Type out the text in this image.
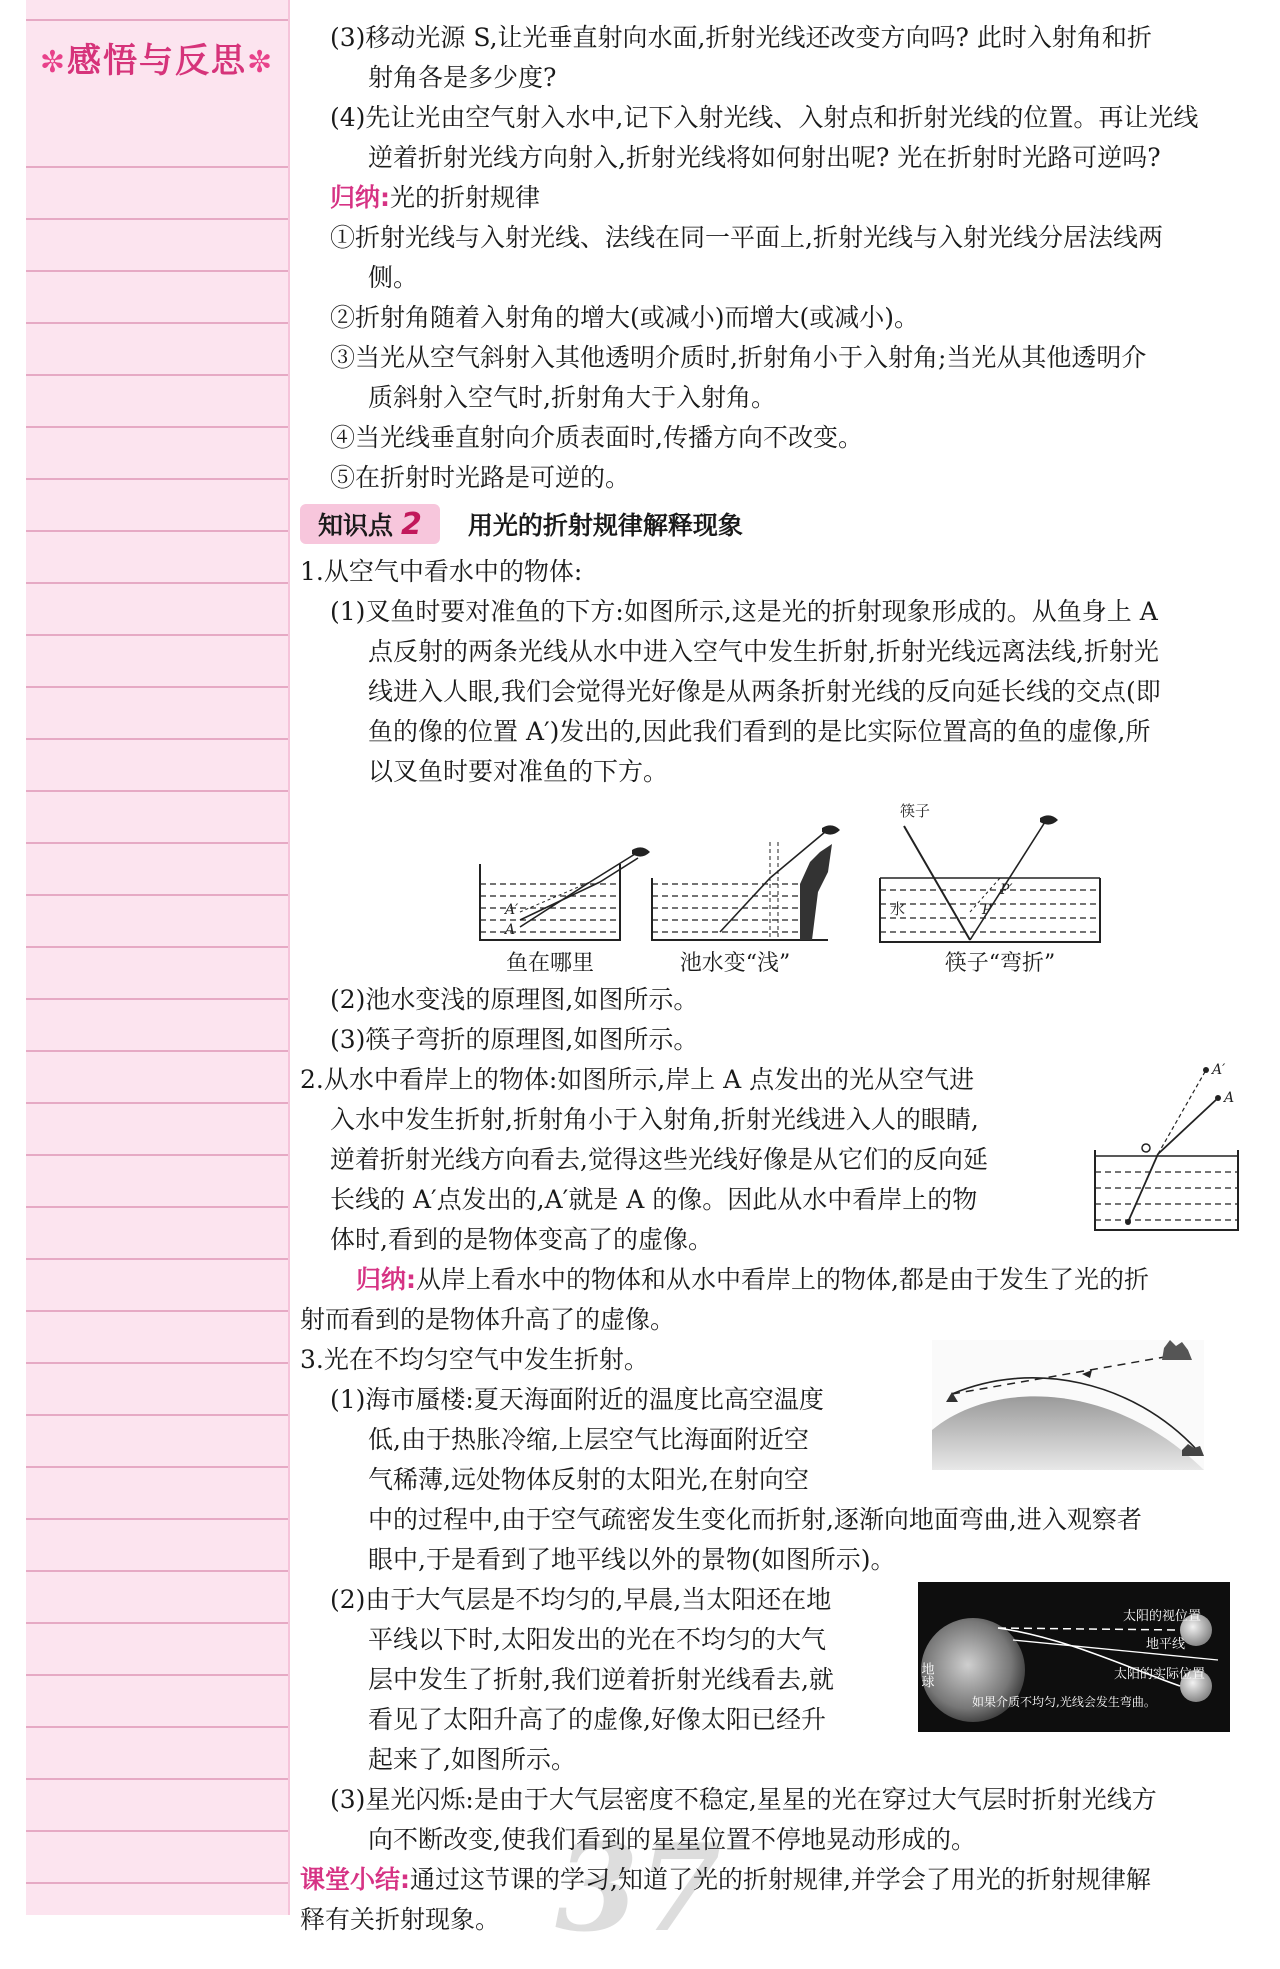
✼感悟与反思✼
37
(3)移动光源 S,让光垂直射向水面,折射光线还改变方向吗? 此时入射角和折
射角各是多少度?
(4)先让光由空气射入水中,记下入射光线、入射点和折射光线的位置。再让光线
逆着折射光线方向射入,折射光线将如何射出呢? 光在折射时光路可逆吗?
归纳:光的折射规律
①折射光线与入射光线、法线在同一平面上,折射光线与入射光线分居法线两
侧。
②折射角随着入射角的增大(或减小)而增大(或减小)。
③当光从空气斜射入其他透明介质时,折射角小于入射角;当光从其他透明介
质斜射入空气时,折射角大于入射角。
④当光线垂直射向介质表面时,传播方向不改变。
⑤在折射时光路是可逆的。
知识点 2	用光的折射规律解释现象
1.从空气中看水中的物体:
(1)叉鱼时要对准鱼的下方:如图所示,这是光的折射现象形成的。从鱼身上 A
点反射的两条光线从水中进入空气中发生折射,折射光线远离法线,折射光
线进入人眼,我们会觉得光好像是从两条折射光线的反向延长线的交点(即
鱼的像的位置 A′)发出的,因此我们看到的是比实际位置高的鱼的虚像,所
以叉鱼时要对准鱼的下方。
A′
A
筷子
水
P′
P
鱼在哪里	池水变“浅”	筷子“弯折”
(2)池水变浅的原理图,如图所示。
(3)筷子弯折的原理图,如图所示。
2.从水中看岸上的物体:如图所示,岸上 A 点发出的光从空气进
入水中发生折射,折射角小于入射角,折射光线进入人的眼睛,
逆着折射光线方向看去,觉得这些光线好像是从它们的反向延
长线的 A′点发出的,A′就是 A 的像。因此从水中看岸上的物
体时,看到的是物体变高了的虚像。
A
A′
归纳:从岸上看水中的物体和从水中看岸上的物体,都是由于发生了光的折
射而看到的是物体升高了的虚像。
3.光在不均匀空气中发生折射。
(1)海市蜃楼:夏天海面附近的温度比高空温度
低,由于热胀冷缩,上层空气比海面附近空
气稀薄,远处物体反射的太阳光,在射向空
中的过程中,由于空气疏密发生变化而折射,逐渐向地面弯曲,进入观察者
眼中,于是看到了地平线以外的景物(如图所示)。
(2)由于大气层是不均匀的,早晨,当太阳还在地
平线以下时,太阳发出的光在不均匀的大气
层中发生了折射,我们逆着折射光线看去,就
看见了太阳升高了的虚像,好像太阳已经升
起来了,如图所示。
太阳的视位置
地平线
太阳的实际位置
如果介质不均匀,光线会发生弯曲。
地球
(3)星光闪烁:是由于大气层密度不稳定,星星的光在穿过大气层时折射光线方
向不断改变,使我们看到的星星位置不停地晃动形成的。
课堂小结:通过这节课的学习,知道了光的折射规律,并学会了用光的折射规律解
释有关折射现象。
